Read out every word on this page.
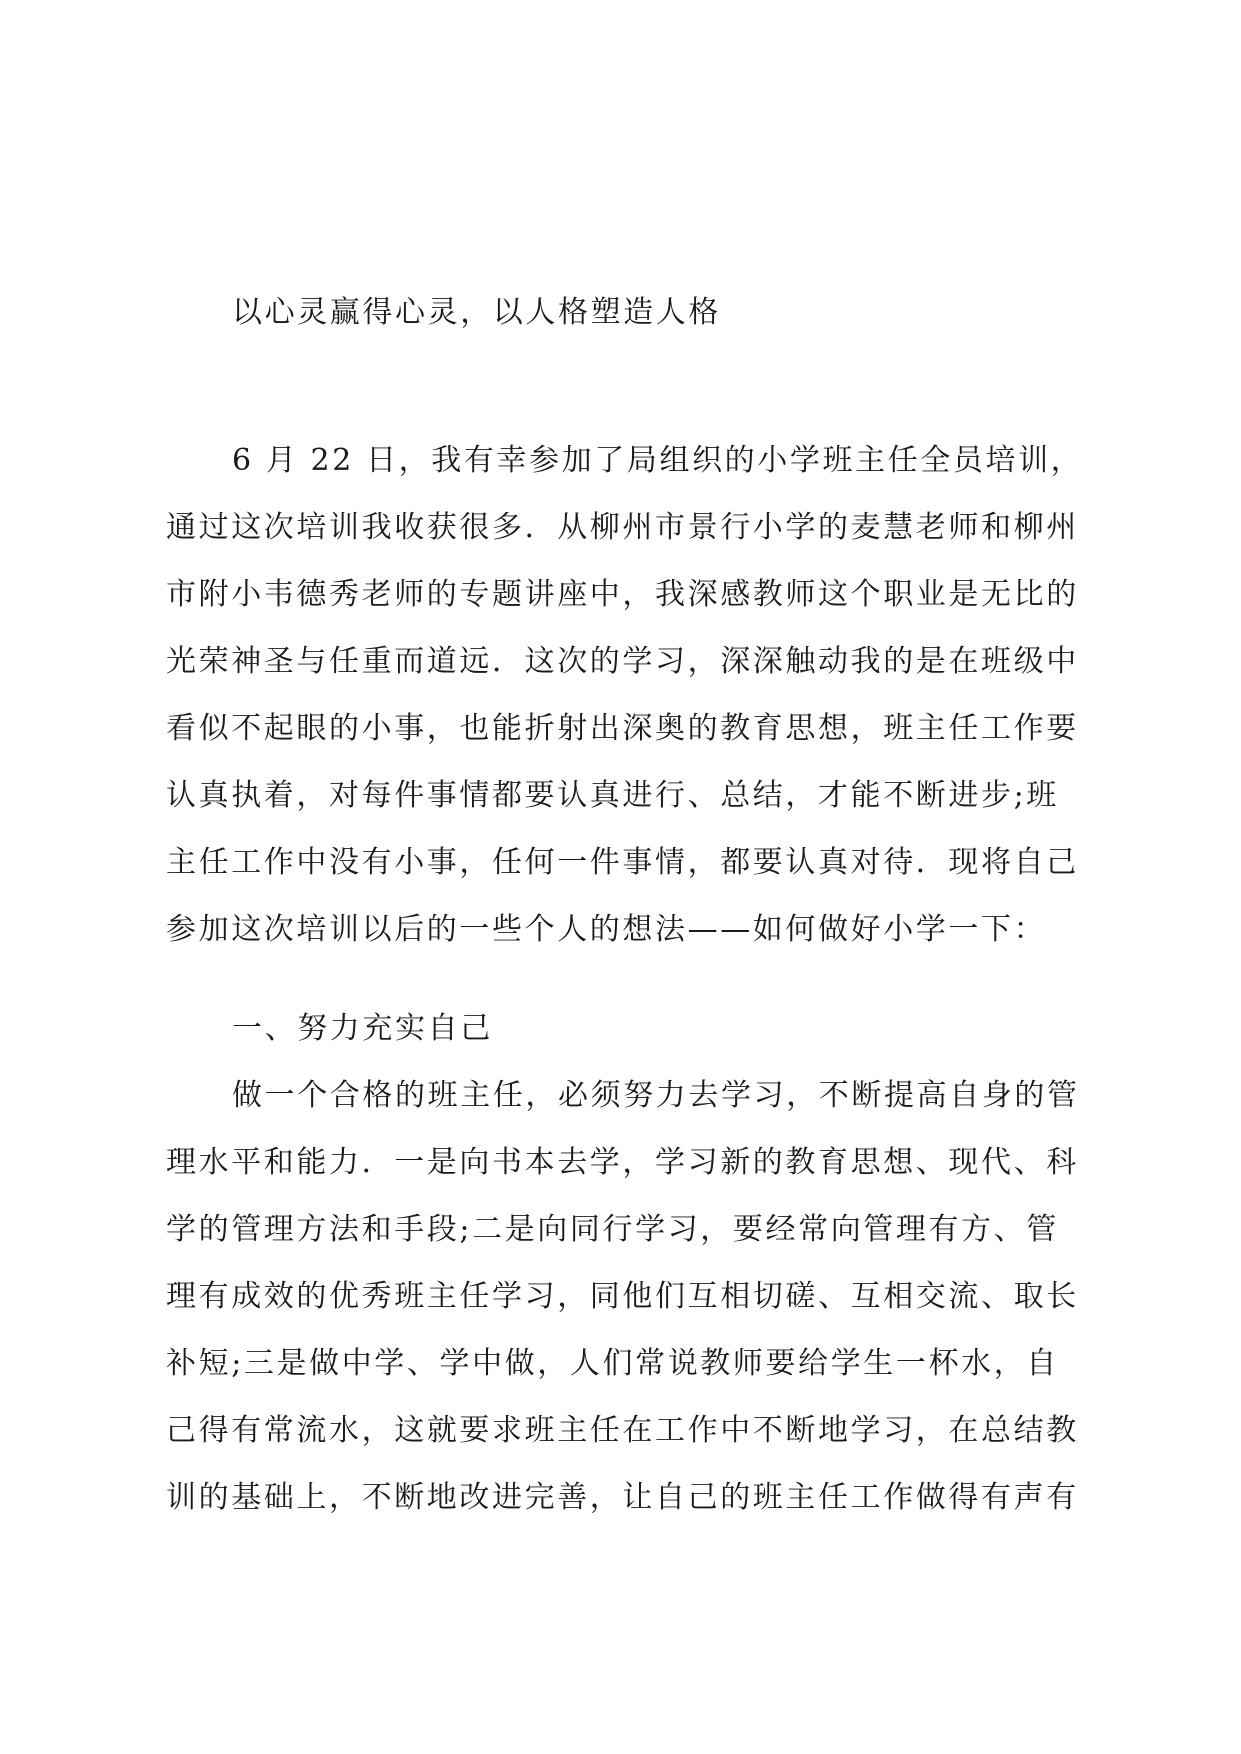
以心灵赢得心灵，以人格塑造人格
6 月 22 日，我有幸参加了局组织的小学班主任全员培训，
通过这次培训我收获很多．从柳州市景行小学的麦慧老师和柳州
市附小韦德秀老师的专题讲座中，我深感教师这个职业是无比的
光荣神圣与任重而道远．这次的学习，深深触动我的是在班级中
看似不起眼的小事，也能折射出深奥的教育思想，班主任工作要
认真执着，对每件事情都要认真进行、总结，才能不断进步;班
主任工作中没有小事，任何一件事情，都要认真对待．现将自己
参加这次培训以后的一些个人的想法——如何做好小学一下：
一、努力充实自己
做一个合格的班主任，必须努力去学习，不断提高自身的管
理水平和能力．一是向书本去学，学习新的教育思想、现代、科
学的管理方法和手段;二是向同行学习，要经常向管理有方、管
理有成效的优秀班主任学习，同他们互相切磋、互相交流、取长
补短;三是做中学、学中做，人们常说教师要给学生一杯水，自
己得有常流水，这就要求班主任在工作中不断地学习，在总结教
训的基础上，不断地改进完善，让自己的班主任工作做得有声有
